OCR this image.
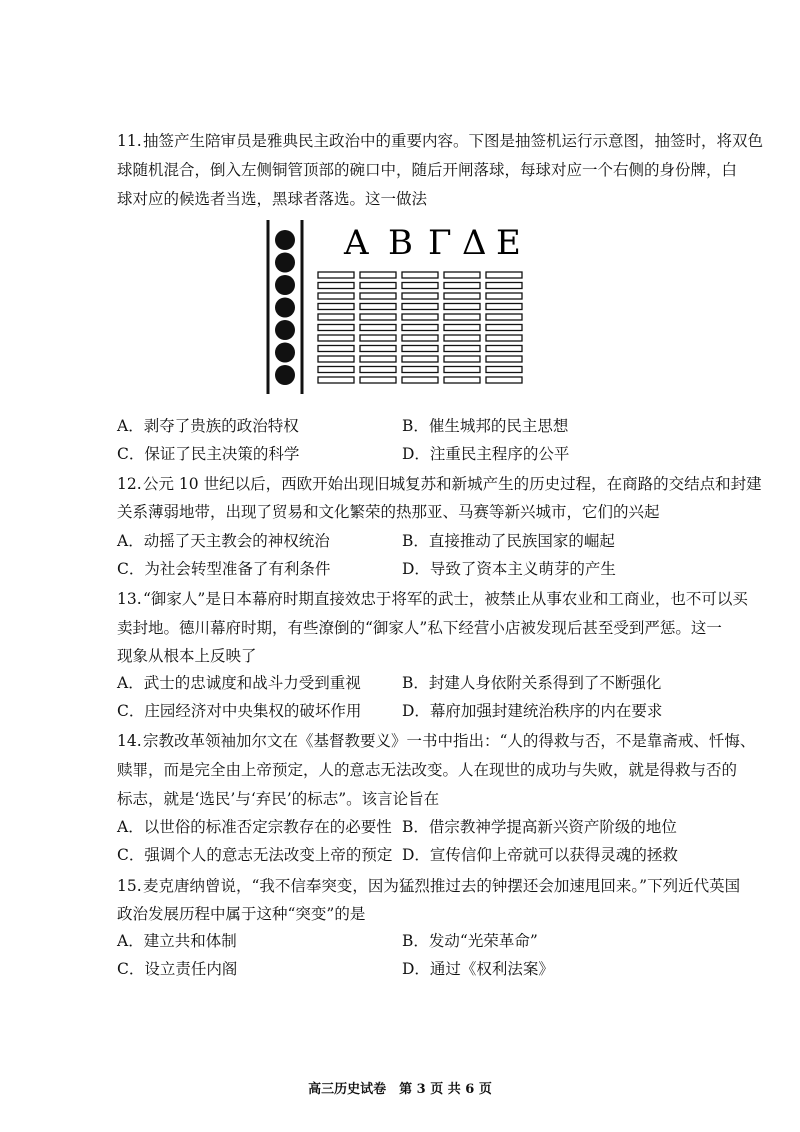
11. 抽签产生陪审员是雅典民主政治中的重要内容。下图是抽签机运行示意图，抽签时，将双色
球随机混合，倒入左侧铜管顶部的碗口中，随后开闸落球，每球对应一个右侧的身份牌，白
球对应的候选者当选，黑球者落选。这一做法
Α Β Γ Δ Ε
A．剥夺了贵族的政治特权	B．催生城邦的民主思想
C．保证了民主决策的科学	D．注重民主程序的公平
12. 公元 10 世纪以后，西欧开始出现旧城复苏和新城产生的历史过程，在商路的交结点和封建
关系薄弱地带，出现了贸易和文化繁荣的热那亚、马赛等新兴城市，它们的兴起
A．动摇了天主教会的神权统治	B．直接推动了民族国家的崛起
C．为社会转型准备了有利条件	D．导致了资本主义萌芽的产生
13. “御家人”是日本幕府时期直接效忠于将军的武士，被禁止从事农业和工商业，也不可以买
卖封地。德川幕府时期，有些潦倒的“御家人”私下经营小店被发现后甚至受到严惩。这一
现象从根本上反映了
A．武士的忠诚度和战斗力受到重视	B．封建人身依附关系得到了不断强化
C．庄园经济对中央集权的破坏作用	D．幕府加强封建统治秩序的内在要求
14. 宗教改革领袖加尔文在《基督教要义》一书中指出：“人的得救与否，不是靠斋戒、忏悔、
赎罪，而是完全由上帝预定，人的意志无法改变。人在现世的成功与失败，就是得救与否的
标志，就是‘选民’与‘弃民’的标志”。该言论旨在
A．以世俗的标准否定宗教存在的必要性 B．借宗教神学提高新兴资产阶级的地位
C．强调个人的意志无法改变上帝的预定 D．宣传信仰上帝就可以获得灵魂的拯救
15. 麦克唐纳曾说，“我不信奉突变，因为猛烈推过去的钟摆还会加速甩回来。”下列近代英国
政治发展历程中属于这种“突变”的是
A．建立共和体制	B．发动“光荣革命”
C．设立责任内阁	D．通过《权利法案》
高三历史试卷　第 3 页 共 6 页
